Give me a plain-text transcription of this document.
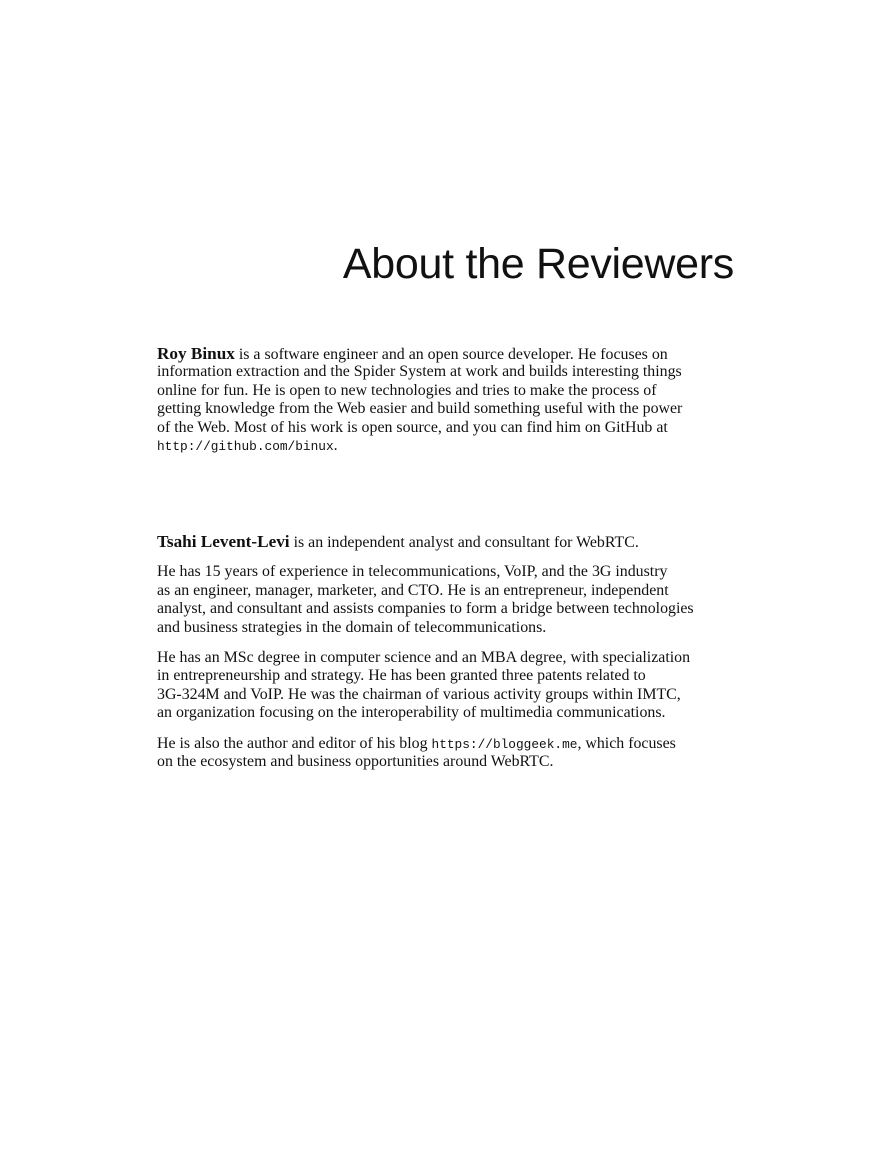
About the Reviewers
Roy Binux is a software engineer and an open source developer. He focuses on
information extraction and the Spider System at work and builds interesting things
online for fun. He is open to new technologies and tries to make the process of
getting knowledge from the Web easier and build something useful with the power
of the Web. Most of his work is open source, and you can find him on GitHub at
http://github.com/binux.
Tsahi Levent-Levi is an independent analyst and consultant for WebRTC.
He has 15 years of experience in telecommunications, VoIP, and the 3G industry
as an engineer, manager, marketer, and CTO. He is an entrepreneur, independent
analyst, and consultant and assists companies to form a bridge between technologies
and business strategies in the domain of telecommunications.
He has an MSc degree in computer science and an MBA degree, with specialization
in entrepreneurship and strategy. He has been granted three patents related to
3G-324M and VoIP. He was the chairman of various activity groups within IMTC,
an organization focusing on the interoperability of multimedia communications.
He is also the author and editor of his blog https://bloggeek.me, which focuses
on the ecosystem and business opportunities around WebRTC.
